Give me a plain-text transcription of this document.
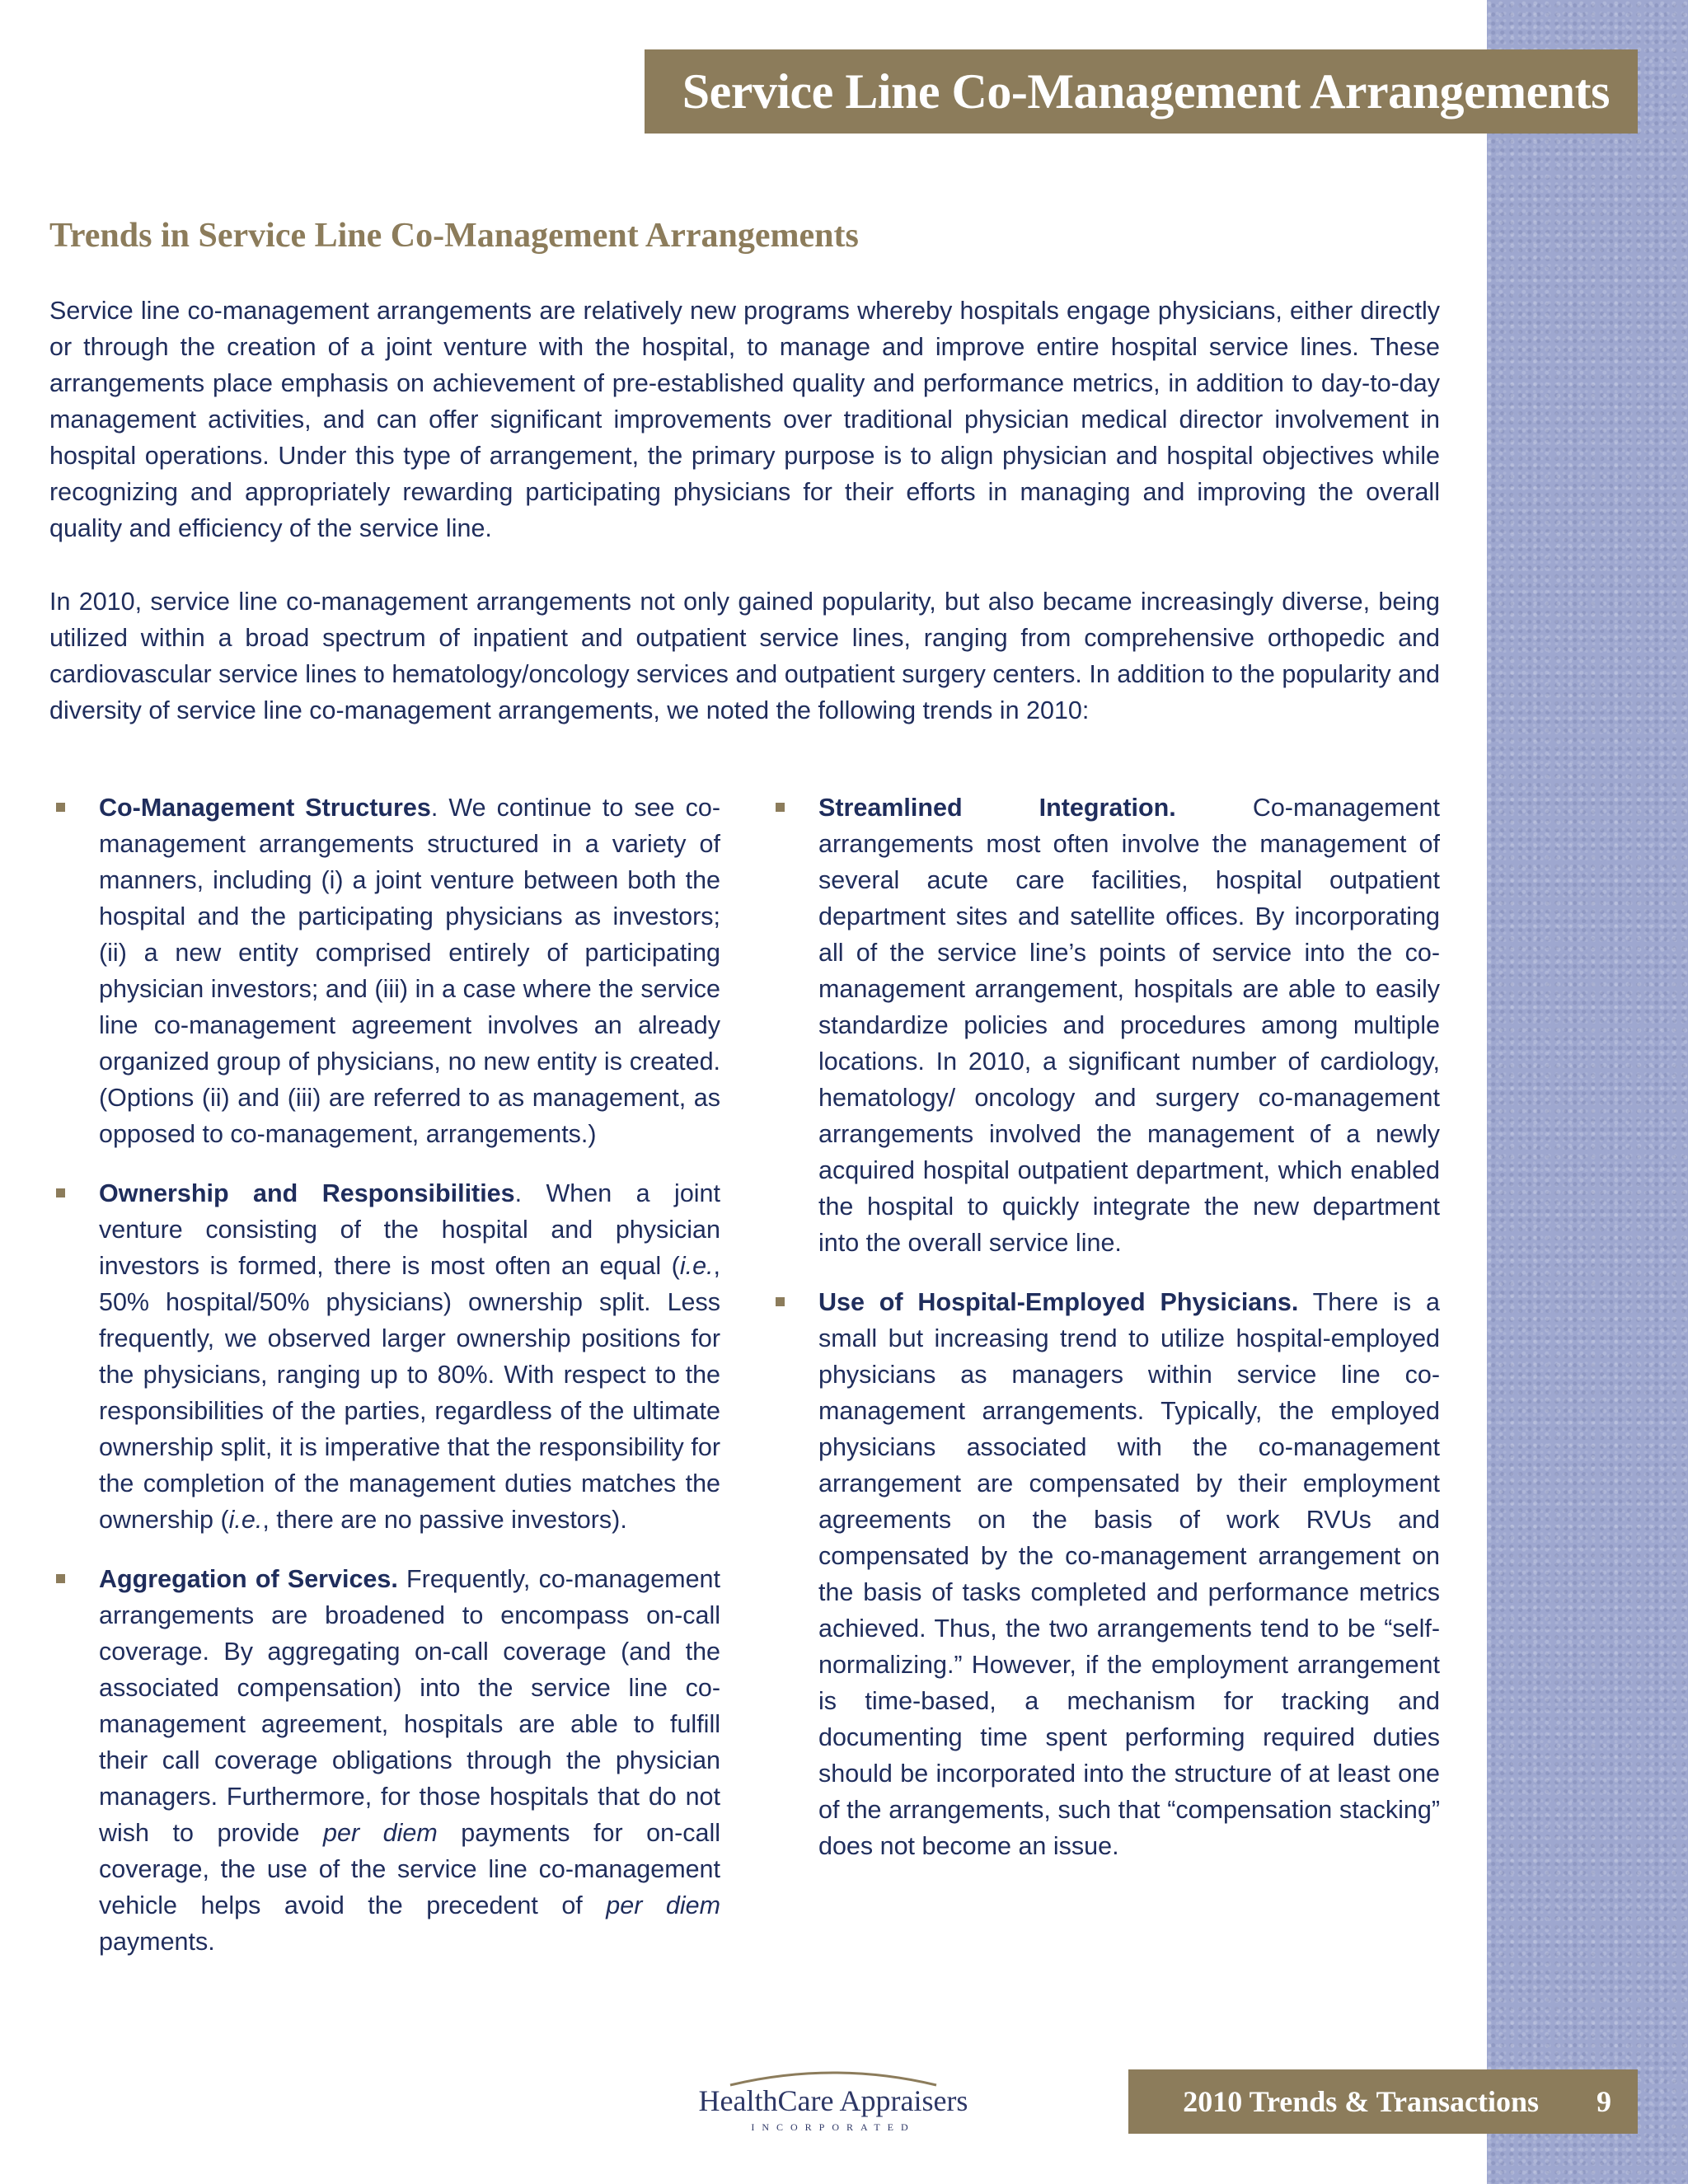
Service Line Co-Management Arrangements
Trends in Service Line Co-Management Arrangements

Service line co-management arrangements are relatively new programs whereby hospitals engage physicians, either directly or through the creation of a joint venture with the hospital, to manage and improve entire hospital service lines. These arrangements place emphasis on achievement of pre-established quality and performance metrics, in addition to day-to-day management activities, and can offer significant improvements over traditional physician medical director involvement in hospital operations. Under this type of arrangement, the primary purpose is to align physician and hospital objectives while recognizing and appropriately rewarding participating physicians for their efforts in managing and improving the overall quality and efficiency of the service line.

In 2010, service line co-management arrangements not only gained popularity, but also became increasingly diverse, being utilized within a broad spectrum of inpatient and outpatient service lines, ranging from comprehensive orthopedic and cardiovascular service lines to hematology/oncology services and outpatient surgery centers. In addition to the popularity and diversity of service line co-management arrangements, we noted the following trends in 2010:

Co-Management Structures. We continue to see co-management arrangements structured in a variety of manners, including (i) a joint venture between both the hospital and the participating physicians as investors; (ii) a new entity comprised entirely of participating physician investors; and (iii) in a case where the service line co-management agreement involves an already organized group of physicians, no new entity is created. (Options (ii) and (iii) are referred to as management, as opposed to co-management, arrangements.)
Ownership and Responsibilities. When a joint venture consisting of the hospital and physician investors is formed, there is most often an equal (i.e., 50% hospital/50% physicians) ownership split. Less frequently, we observed larger ownership positions for the physicians, ranging up to 80%. With respect to the responsibilities of the parties, regardless of the ultimate ownership split, it is imperative that the responsibility for the completion of the management duties matches the ownership (i.e., there are no passive investors).
Aggregation of Services. Frequently, co-management arrangements are broadened to encompass on-call coverage. By aggregating on-call coverage (and the associated compensation) into the service line co-management agreement, hospitals are able to fulfill their call coverage obligations through the physician managers. Furthermore, for those hospitals that do not wish to provide per diem payments for on-call coverage, the use of the service line co-management vehicle helps avoid the precedent of per diem payments.
Streamlined Integration. Co-management arrangements most often involve the management of several acute care facilities, hospital outpatient department sites and satellite offices. By incorporating all of the service line’s points of service into the co-management arrangement, hospitals are able to easily standardize policies and procedures among multiple locations. In 2010, a significant number of cardiology, hematology/ oncology and surgery co-management arrangements involved the management of a newly acquired hospital outpatient department, which enabled the hospital to quickly integrate the new department into the overall service line.
Use of Hospital-Employed Physicians. There is a small but increasing trend to utilize hospital-employed physicians as managers within service line co-management arrangements. Typically, the employed physicians associated with the co-management arrangement are compensated by their employment agreements on the basis of work RVUs and compensated by the co-management arrangement on the basis of tasks completed and performance metrics achieved. Thus, the two arrangements tend to be “self-normalizing.” However, if the employment arrangement is time-based, a mechanism for tracking and documenting time spent performing required duties should be incorporated into the structure of at least one of the arrangements, such that “compensation stacking” does not become an issue.
HealthCare Appraisers
INCORPORATED
2010 Trends & Transactions 9
